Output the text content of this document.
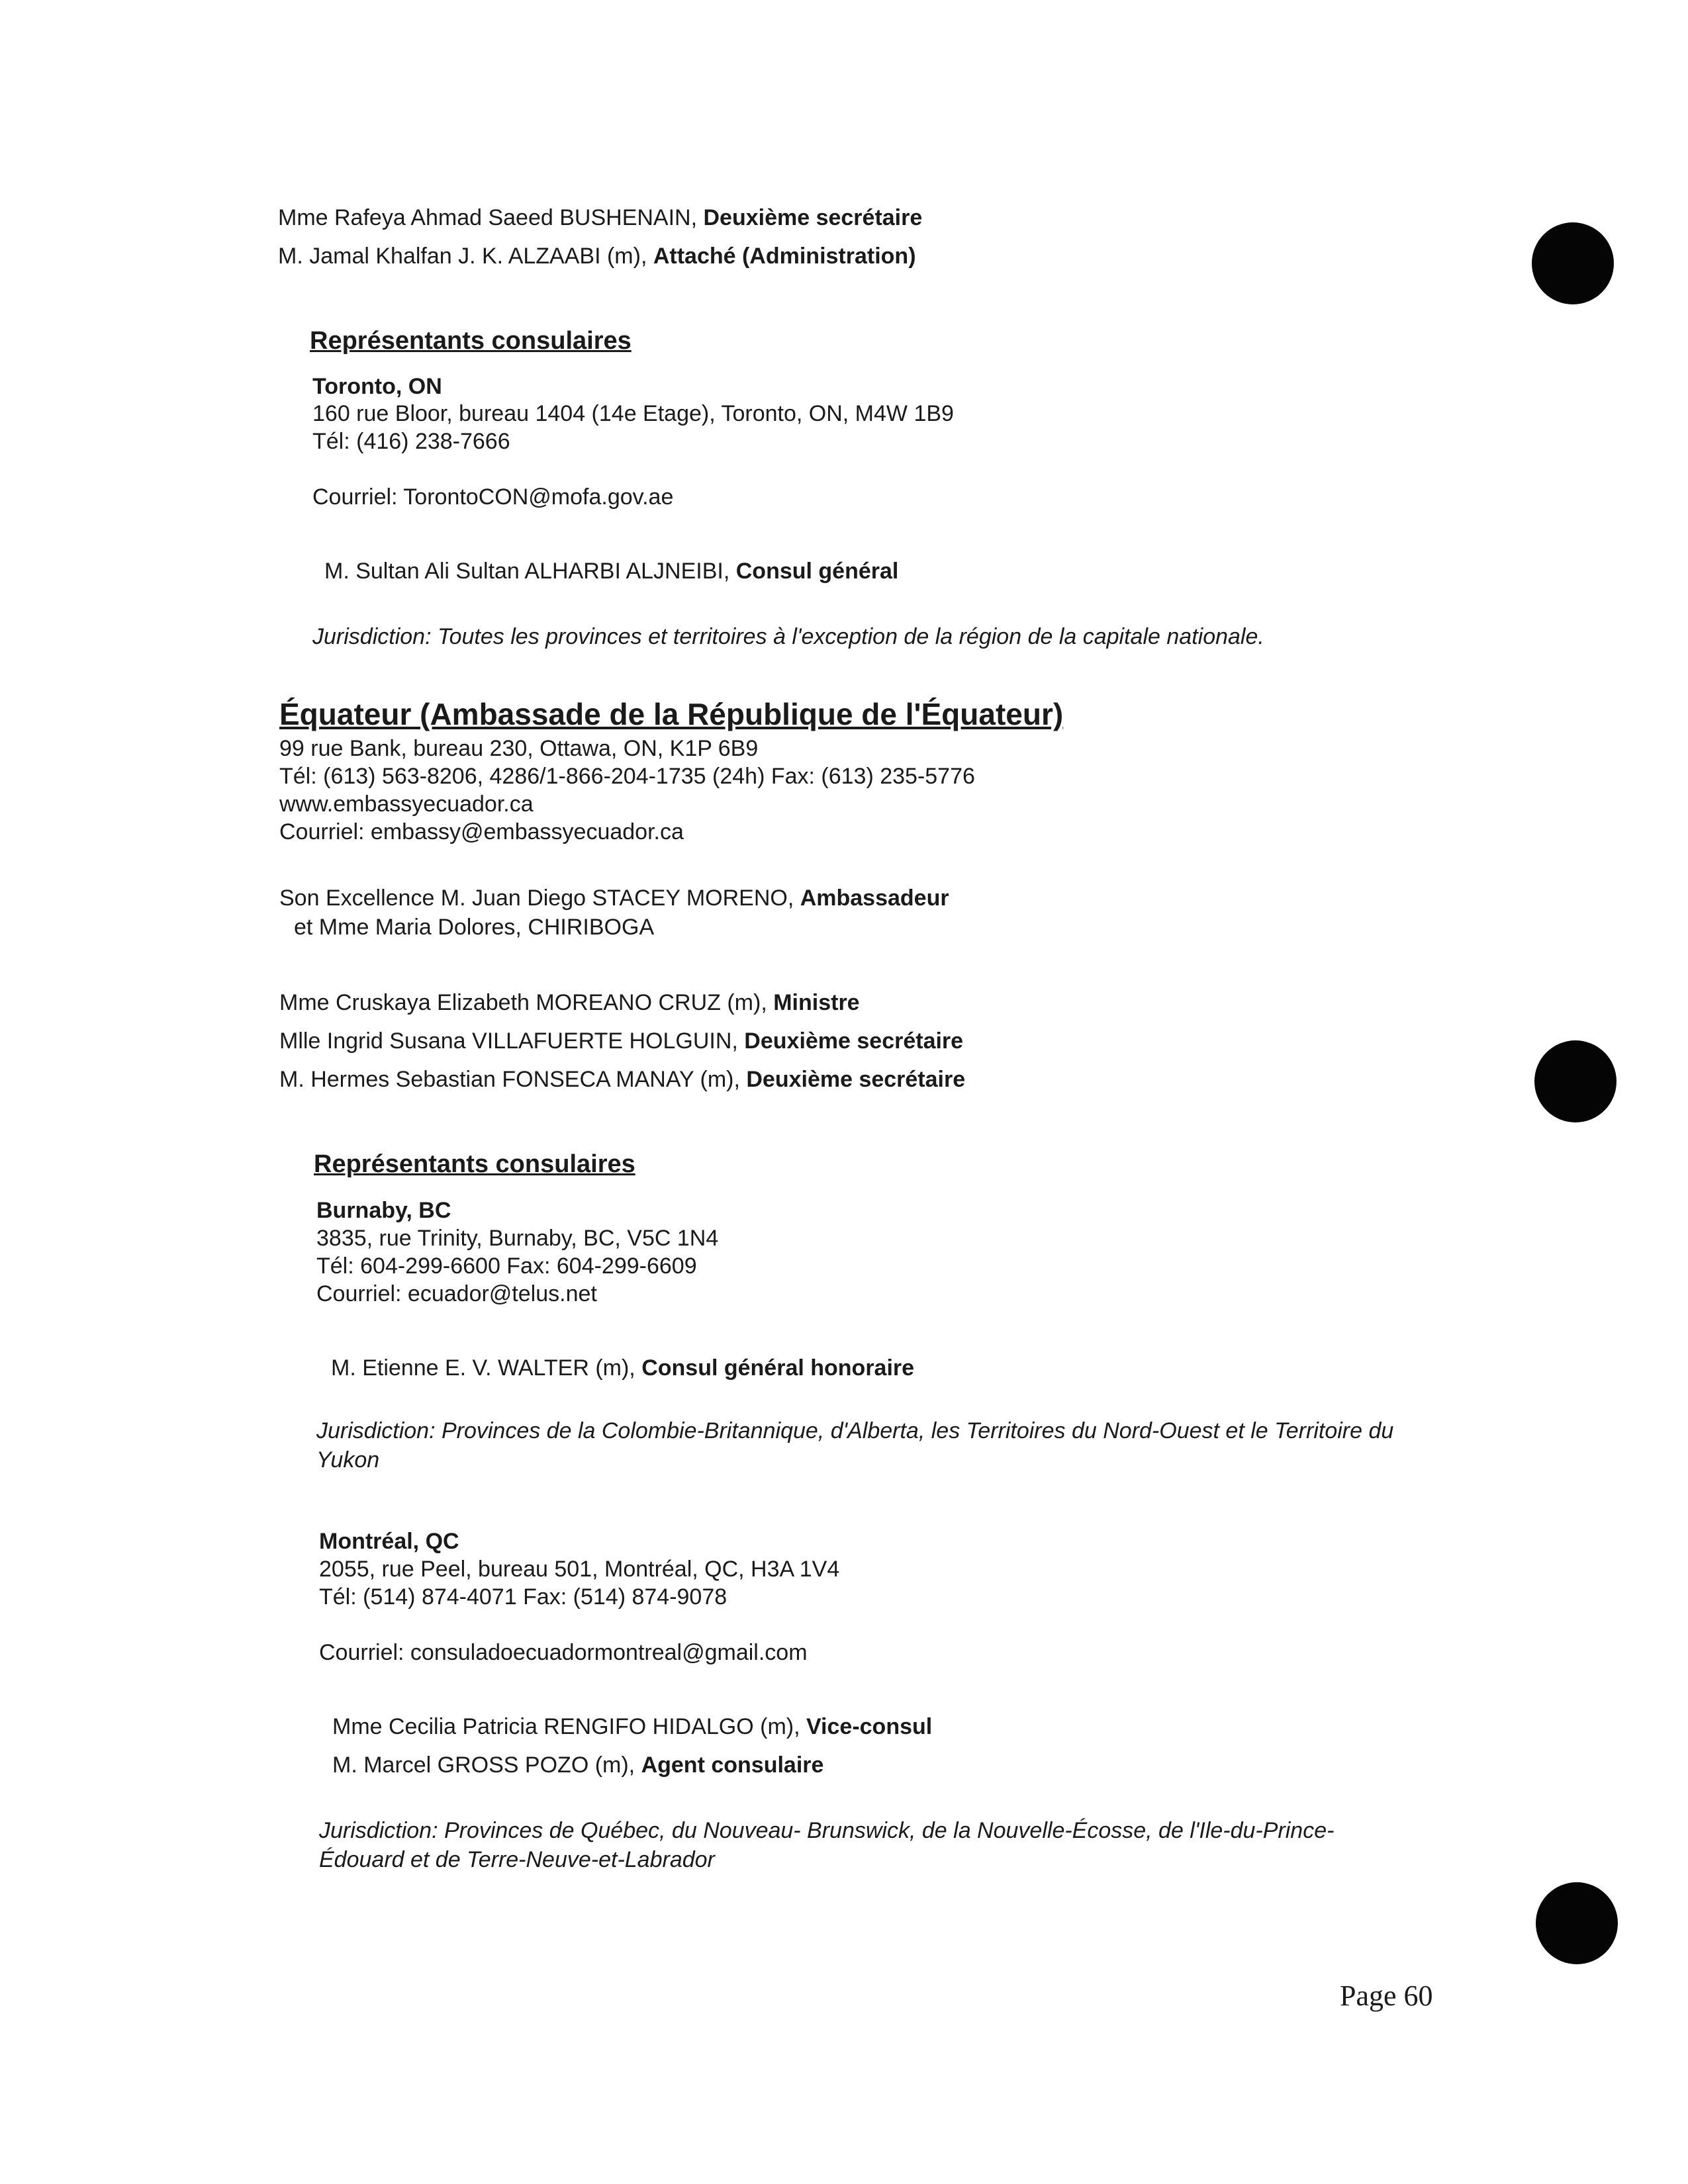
Mme Rafeya Ahmad Saeed BUSHENAIN, Deuxième secrétaire
M. Jamal Khalfan J. K. ALZAABI (m), Attaché (Administration)
Représentants consulaires
Toronto, ON
160 rue Bloor, bureau 1404 (14e Etage), Toronto, ON, M4W 1B9
Tél: (416) 238-7666
Courriel: TorontoCON@mofa.gov.ae
M. Sultan Ali Sultan ALHARBI ALJNEIBI, Consul général
Jurisdiction: Toutes les provinces et territoires à l'exception de la région de la capitale nationale.
Équateur (Ambassade de la République de l'Équateur)
99 rue Bank, bureau 230, Ottawa, ON, K1P 6B9
Tél: (613) 563-8206, 4286/1-866-204-1735 (24h) Fax: (613) 235-5776
www.embassyecuador.ca
Courriel: embassy@embassyecuador.ca
Son Excellence M. Juan Diego STACEY MORENO, Ambassadeur
et Mme Maria Dolores, CHIRIBOGA
Mme Cruskaya Elizabeth MOREANO CRUZ (m), Ministre
Mlle Ingrid Susana VILLAFUERTE HOLGUIN, Deuxième secrétaire
M. Hermes Sebastian FONSECA MANAY (m), Deuxième secrétaire
Représentants consulaires
Burnaby, BC
3835, rue Trinity, Burnaby, BC, V5C 1N4
Tél: 604-299-6600 Fax: 604-299-6609
Courriel: ecuador@telus.net
M. Etienne E. V. WALTER (m), Consul général honoraire
Jurisdiction: Provinces de la Colombie-Britannique, d'Alberta, les Territoires du Nord-Ouest et le Territoire du Yukon
Montréal, QC
2055, rue Peel, bureau 501, Montréal, QC, H3A 1V4
Tél: (514) 874-4071 Fax: (514) 874-9078
Courriel: consuladoecuadormontreal@gmail.com
Mme Cecilia Patricia RENGIFO HIDALGO (m), Vice-consul
M. Marcel GROSS POZO (m), Agent consulaire
Jurisdiction: Provinces de Québec, du Nouveau- Brunswick, de la Nouvelle-Écosse, de l'Ile-du-Prince-Édouard et de Terre-Neuve-et-Labrador
Page 60
